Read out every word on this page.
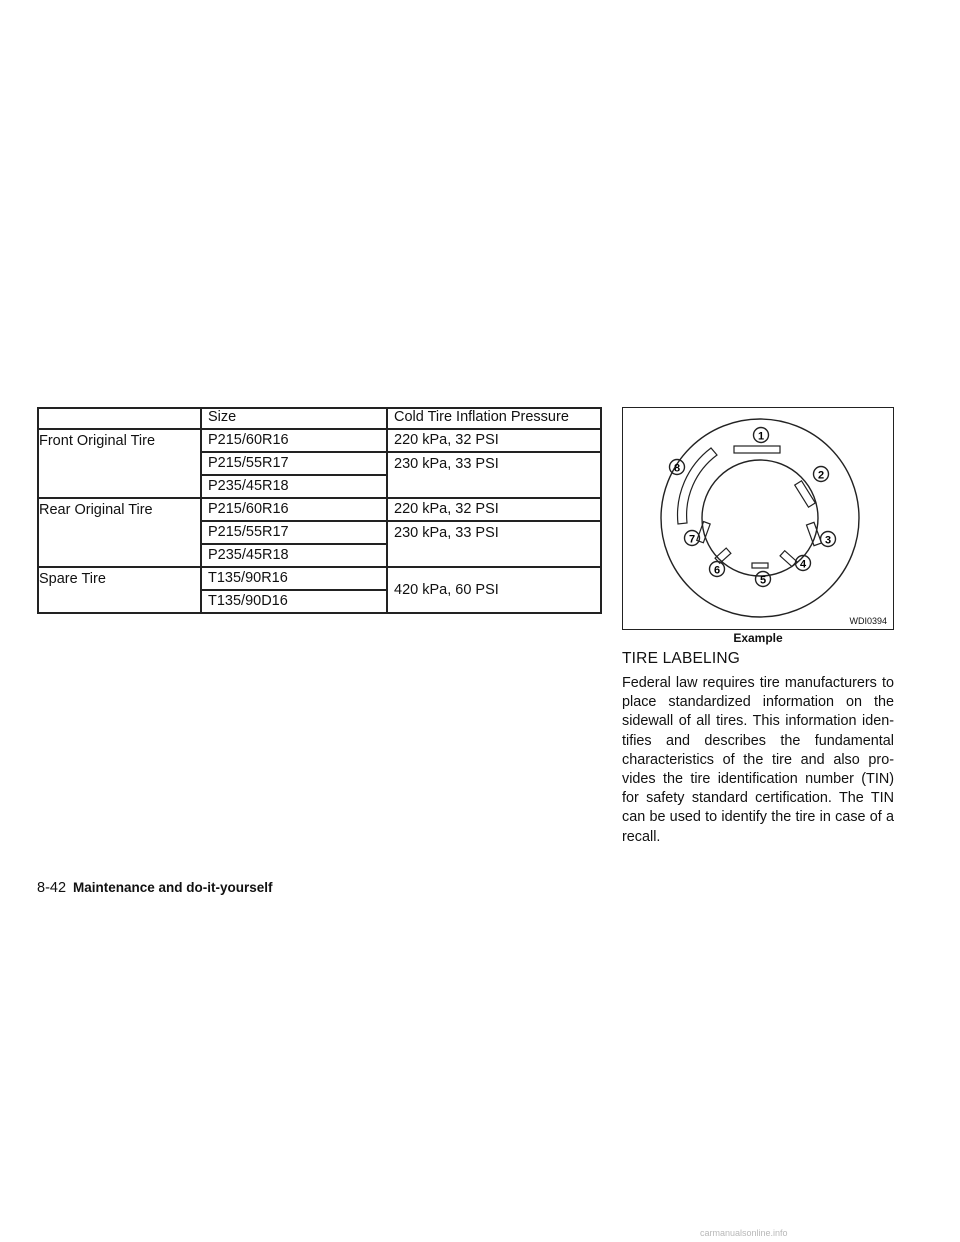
	Size	Cold Tire Inflation Pressure
Front Original Tire	P215/60R16	220 kPa, 32 PSI
	P215/55R17	230 kPa, 33 PSI
	P235/45R18	
Rear Original Tire	P215/60R16	220 kPa, 32 PSI
	P215/55R17	230 kPa, 33 PSI
	P235/45R18	
Spare Tire	T135/90R16	420 kPa, 60 PSI
	T135/90D16	
1
2
3
4
5
6
7
8
WDI0394
Example
TIRE LABELING

Federal law requires tire manufacturers to place standardized information on the sidewall of all tires. This information iden- tifies and describes the fundamental characteristics of the tire and also pro- vides the tire identification number (TIN) for safety standard certification. The TIN can be used to identify the tire in case of a recall.

8-42 Maintenance and do-it-yourself
carmanualsonline.info
